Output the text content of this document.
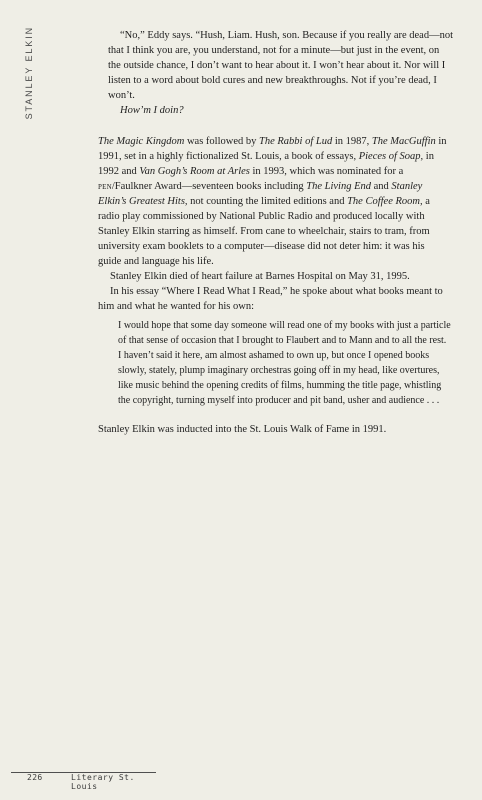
STANLEY ELKIN	“No,” Eddy says. “Hush, Liam. Hush, son. Because if you really are dead—not that I think you are, you understand, not for a minute—but just in the event, on the outside chance, I don’t want to hear about it. I won’t hear about it. Nor will I listen to a word about bold cures and new breakthroughs. Not if you’re dead, I won’t.

How’m I doin?

The Magic Kingdom was followed by The Rabbi of Lud in 1987, The MacGuffin in 1991, set in a highly fictionalized St. Louis, a book of essays, Pieces of Soap, in 1992 and Van Gogh’s Room at Arles in 1993, which was nominated for a pen/Faulkner Award—seventeen books including The Living End and Stanley Elkin’s Greatest Hits, not counting the limited editions and The Coffee Room, a radio play commissioned by National Public Radio and produced locally with Stanley Elkin starring as himself. From cane to wheelchair, stairs to tram, from university exam booklets to a computer—disease did not deter him: it was his guide and language his life.

Stanley Elkin died of heart failure at Barnes Hospital on May 31, 1995.

In his essay “Where I Read What I Read,” he spoke about what books meant to him and what he wanted for his own:

I would hope that some day someone will read one of my books with just a particle of that sense of occasion that I brought to Flaubert and to Mann and to all the rest. I haven’t said it here, am almost ashamed to own up, but once I opened books slowly, stately, plump imaginary orchestras going off in my head, like overtures, like music behind the opening credits of films, humming the title page, whistling the copyright, turning myself into producer and pit band, usher and audience . . .

Stanley Elkin was inducted into the St. Louis Walk of Fame in 1991.

226	Literary St. Louis
